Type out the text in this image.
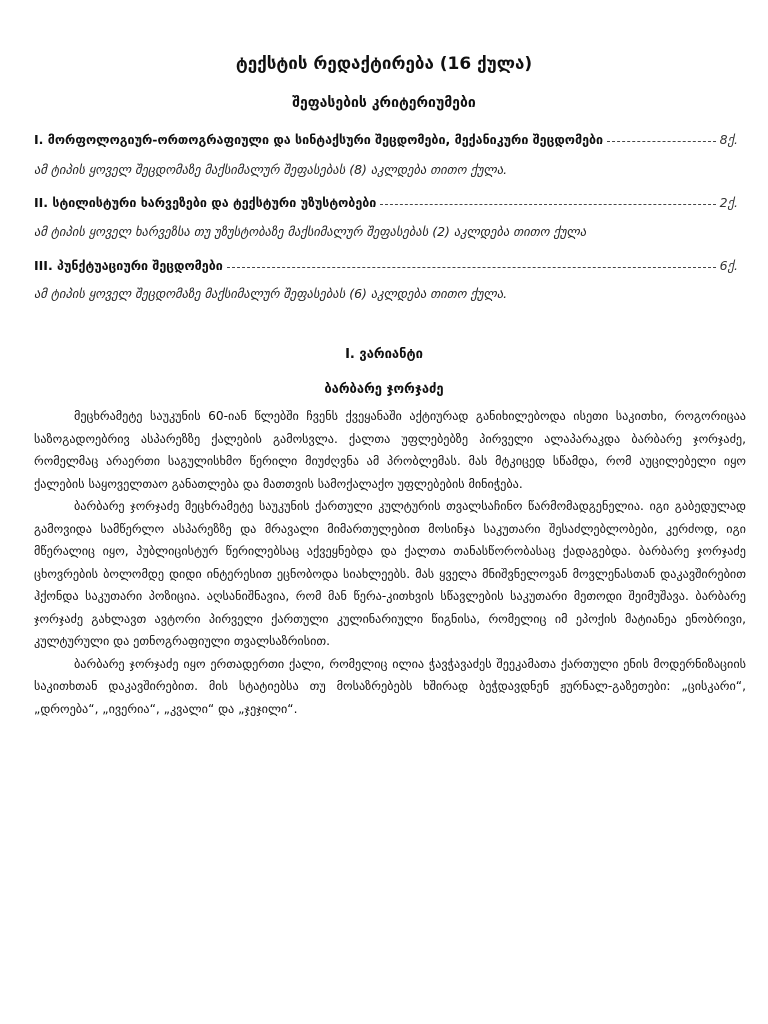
ტექსტის რედაქტირება (16 ქულა)
შეფასების კრიტერიუმები
I. მორფოლოგიურ-ორთოგრაფიული და სინტაქსური შეცდომები, მექანიკური შეცდომები	8ქ.
ამ ტიპის ყოველ შეცდომაზე მაქსიმალურ შეფასებას (8) აკლდება თითო ქულა.
II. სტილისტური ხარვეზები და ტექსტური უზუსტობები	2ქ.
ამ ტიპის ყოველ ხარვეზსა თუ უზუსტობაზე მაქსიმალურ შეფასებას (2) აკლდება თითო ქულა
III. პუნქტუაციური შეცდომები	6ქ.
ამ ტიპის ყოველ შეცდომაზე მაქსიმალურ შეფასებას (6) აკლდება თითო ქულა.
I. ვარიანტი
ბარბარე ჯორჯაძე

მეცხრამეტე საუკუნის 60-იან წლებში ჩვენს ქვეყანაში აქტიურად განიხილებოდა ისეთი საკითხი, როგორიცაა საზოგადოებრივ ასპარეზზე ქალების გამოსვლა. ქალთა უფლებებზე პირველი ალაპარაკდა ბარბარე ჯორჯაძე, რომელმაც არაერთი საგულისხმო წერილი მიუძღვნა ამ პრობლემას. მას მტკიცედ სწამდა, რომ აუცილებელი იყო ქალების საყოველთაო განათლება და მათთვის სამოქალაქო უფლებების მინიჭება.

ბარბარე ჯორჯაძე მეცხრამეტე საუკუნის ქართული კულტურის თვალსაჩინო წარმომადგენელია. იგი გაბედულად გამოვიდა სამწერლო ასპარეზზე და მრავალი მიმართულებით მოსინჯა საკუთარი შესაძლებლობები, კერძოდ, იგი მწერალიც იყო, პუბლიცისტურ წერილებსაც აქვეყნებდა და ქალთა თანასწორობასაც ქადაგებდა. ბარბარე ჯორჯაძე ცხოვრების ბოლომდე დიდი ინტერესით ეცნობოდა სიახლეებს. მას ყველა მნიშვნელოვან მოვლენასთან დაკავშირებით ჰქონდა საკუთარი პოზიცია. აღსანიშნავია, რომ მან წერა-კითხვის სწავლების საკუთარი მეთოდი შეიმუშავა. ბარბარე ჯორჯაძე გახლავთ ავტორი პირველი ქართული კულინარიული წიგნისა, რომელიც იმ ეპოქის მატიანეა ენობრივი, კულტურული და ეთნოგრაფიული თვალსაზრისით.

ბარბარე ჯორჯაძე იყო ერთადერთი ქალი, რომელიც ილია ჭავჭავაძეს შეეკამათა ქართული ენის მოდერნიზაციის საკითხთან დაკავშირებით. მის სტატიებსა თუ მოსაზრებებს ხშირად ბეჭდავდნენ ჟურნალ-გაზეთები: „ცისკარი“, „დროება“, „ივერია“, „კვალი“ და „ჯეჯილი“.
